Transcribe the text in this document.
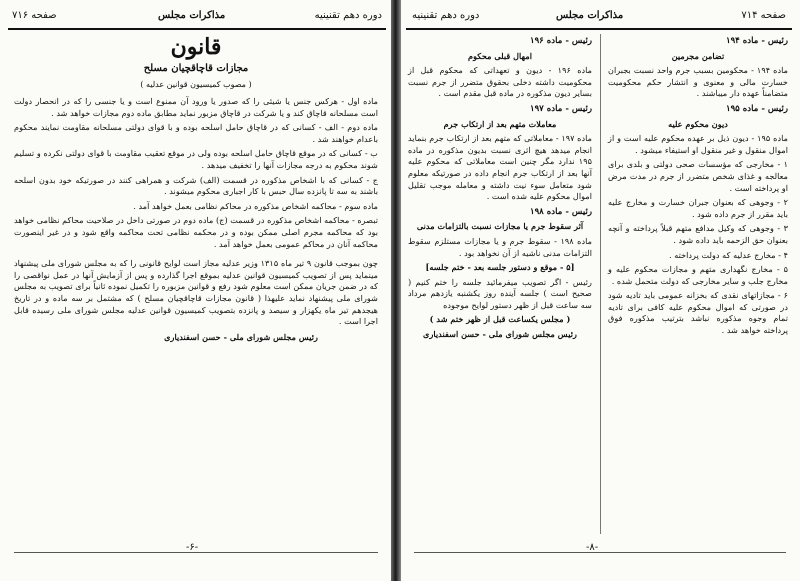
صفحه ۷۱۶	مذاکرات مجلس	دوره دهم تقنینیه
قانون
مجازات قاچاقچیان مسلح
( مصوب کمیسیون قوانین عدلیه )

ماده اول - هرکس جنس یا شیئی را که صدور یا ورود آن ممنوع است و یا جنسی را که در انحصار دولت است مسلحانه قاچاق کند و یا شرکت در قاچاق مزبور نماید مطابق ماده دوم مجازات خواهد شد .

ماده دوم - الف - کسانی که در قاچاق حامل اسلحه بوده و با قوای دولتی مسلحانه مقاومت نمایند محکوم باعدام خواهند شد .

ب - کسانی که در موقع قاچاق حامل اسلحه بوده ولی در موقع تعقیب مقاومت با قوای دولتی نکرده و تسلیم شوند محکوم به درجه مجازات آنها را تخفیف میدهد .

ج - کسانی که با اشخاص مذکوره در قسمت (الف) شرکت و همراهی کنند در صورتیکه خود بدون اسلحه باشند به سه تا پانزده سال حبس با کار اجباری محکوم میشوند .

ماده سوم - محاکمه اشخاص مذکوره در محاکم نظامی بعمل خواهد آمد .

تبصره - محاکمه اشخاص مذکوره در قسمت (ج) ماده دوم در صورتی داخل در صلاحیت محاکم نظامی خواهد بود که محاکمه مجرم اصلی ممکن بوده و در محکمه نظامی تحت محاکمه واقع شود و در غیر اینصورت محاکمه آنان در محاکم عمومی بعمل خواهد آمد .

چون بموجب قانون ۹ تیر ماه ۱۳۱۵ وزیر عدلیه مجاز است لوایح قانونی را که به مجلس شورای ملی پیشنهاد مینماید پس از تصویب کمیسیون قوانین عدلیه بموقع اجرا گذارده و پس از آزمایش آنها در عمل نواقصی را که در ضمن جریان ممکن است معلوم شود رفع و قوانین مزبوره را تکمیل نموده ثانیاً برای تصویب به مجلس شورای ملی پیشنهاد نماید علیهذا ( قانون مجازات قاچاقچیان مسلح ) که مشتمل بر سه ماده و در تاریخ هیجدهم تیر ماه یکهزار و سیصد و پانزده بتصویب کمیسیون قوانین عدلیه مجلس شورای ملی رسیده قابل اجرا است .

رئیس مجلس شورای ملی - حسن اسفندیاری

-۶-
دوره دهم تقنینیه	مذاکرات مجلس	صفحه ۷۱۴
رئیس - ماده ۱۹۴
تضامن مجرمین
ماده ۱۹۴ - محکومین بسبب جرم واحد نسبت بجبران خسارت مالی و معنوی و انتشار حکم محکومیت متضامناً عهده دار میباشند .
رئیس - ماده ۱۹۵
دیون محکوم علیه
ماده ۱۹۵ - دیون ذیل بر عهده محکوم علیه است و از اموال منقول و غیر منقول او استیفاء میشود .
۱ - مخارجی که مؤسسات صحی دولتی و بلدی برای معالجه و غذای شخص متضرر از جرم در مدت مرض او پرداخته است .
۲ - وجوهی که بعنوان جبران خسارت و مخارج علیه باید مقرر از جرم داده شود .
۳ - وجوهی که وکیل مدافع متهم قبلاً پرداخته و آنچه بعنوان حق الزحمه باید داده شود .
۴ - مخارج عدلیه که دولت پرداخته .
۵ - مخارج نگهداری متهم و مجازات محکوم علیه و مخارج جلب و سایر مخارجی که دولت متحمل شده .
۶ - مجازاتهای نقدی که بخزانه عمومی باید تادیه شود در صورتی که اموال محکوم علیه کافی برای تادیه تمام وجوه مذکوره نباشد بترتیب مذکوره فوق پرداخته خواهد شد .
رئیس - ماده ۱۹۶
امهال قبلی محکوم
ماده ۱۹۶ - دیون و تعهداتی که محکوم قبل از محکومیت داشته دخلی بحقوق متضرر از جرم نسبت بسایر دیون مذکوره در ماده قبل مقدم است .
رئیس - ماده ۱۹۷
معاملات متهم بعد از ارتکاب جرم
ماده ۱۹۷ - معاملاتی که متهم بعد از ارتکاب جرم بنماید انجام میدهد هیچ اثری نسبت بدیون مذکوره در ماده ۱۹۵ ندارد مگر چنین است معاملاتی که محکوم علیه آنها بعد از ارتکاب جرم انجام داده در صورتیکه معلوم شود متعامل سوء نیت داشته و معامله موجب تقلیل اموال محکوم علیه شده است .
رئیس - ماده ۱۹۸
آثر سقوط جرم یا مجازات نسبت بالتزامات مدنی
ماده ۱۹۸ - سقوط جرم و یا مجازات مستلزم سقوط التزامات مدنی ناشیه از آن نخواهد بود .
[۵ - موقع و دستور جلسه بعد - ختم جلسه]
رئیس - اگر تصویب میفرمائید جلسه را ختم کنیم ( صحیح است ) جلسه آینده روز یکشنبه یازدهم مرداد سه ساعت قبل از ظهر دستور لوایح موجوده
( مجلس یکساعت قبل از ظهر ختم شد )
رئیس مجلس شورای ملی - حسن اسفندیاری
-۸-
